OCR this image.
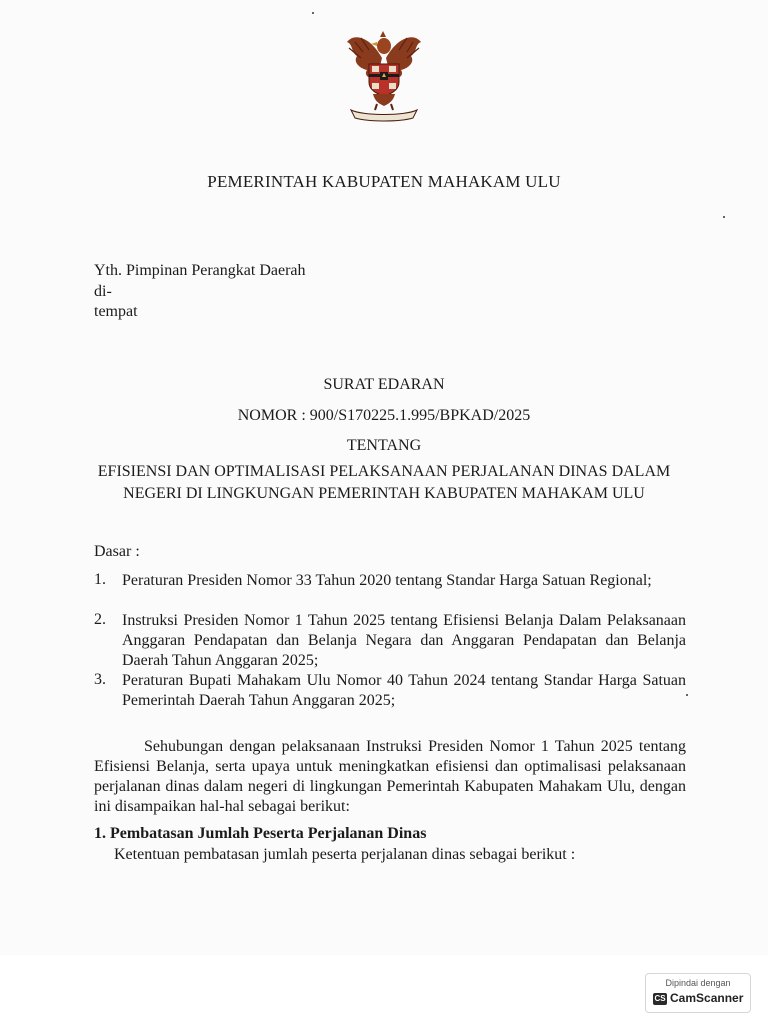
PEMERINTAH KABUPATEN MAHAKAM ULU
Yth. Pimpinan Perangkat Daerah
di-
tempat
SURAT EDARAN
NOMOR : 900/S170225.1.995/BPKAD/2025
TENTANG
EFISIENSI DAN OPTIMALISASI PELAKSANAAN PERJALANAN DINAS DALAM
NEGERI DI LINGKUNGAN PEMERINTAH KABUPATEN MAHAKAM ULU
Dasar :
1. Peraturan Presiden Nomor 33 Tahun 2020 tentang Standar Harga Satuan Regional;
2. Instruksi Presiden Nomor 1 Tahun 2025 tentang Efisiensi Belanja Dalam Pelaksanaan Anggaran Pendapatan dan Belanja Negara dan Anggaran Pendapatan dan Belanja Daerah Tahun Anggaran 2025;
3. Peraturan Bupati Mahakam Ulu Nomor 40 Tahun 2024 tentang Standar Harga Satuan Pemerintah Daerah Tahun Anggaran 2025;
Sehubungan dengan pelaksanaan Instruksi Presiden Nomor 1 Tahun 2025 tentang Efisiensi Belanja, serta upaya untuk meningkatkan efisiensi dan optimalisasi pelaksanaan perjalanan dinas dalam negeri di lingkungan Pemerintah Kabupaten Mahakam Ulu, dengan ini disampaikan hal-hal sebagai berikut:
1. Pembatasan Jumlah Peserta Perjalanan Dinas
Ketentuan pembatasan jumlah peserta perjalanan dinas sebagai berikut :
Dipindai dengan
CS CamScanner
